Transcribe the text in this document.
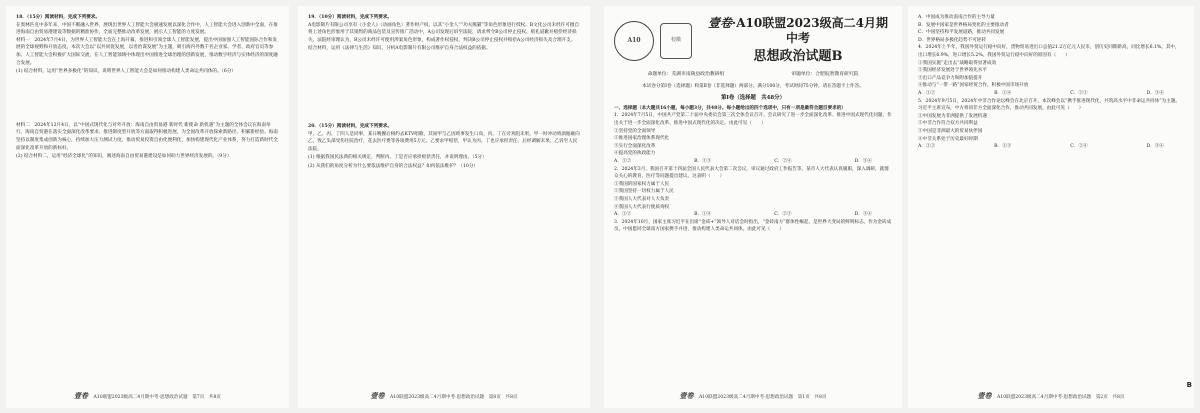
18．（15分）阅读材料，完成下列要求。

在奥林匹克中多年来，中国不断融入世界，展现出世界人工智能大会极速发展以深化合作中，人工智能大会进入创新中全面，在推进海南自由贸易港建设等数据的精准协作，全面完整推动改革发展，展示人工智能的力度发展。

材料一　2024年7月4日，为世界人工智能大会在上海开幕，推进和引领全球人工智能发展，提出中国加强人工智能国际合作和发展的全球视野和开放态度。本次大会以“以共同促发展，以善治谋发展”为主题，吸引海内外数千名企业家、学者、政府官员等参加。人工智能大会积极扩大国际交流，在人工智能领域中体现出中国推进全球治理的创新发展，推动数字经济与实体经济的深度融合发展。

(1) 结合材料，运用“世界多极化”的知识，说明世界人工智能大会是如何推动构建人类命运共同体的。（6分）

材料二　2024年12月4日，以“中国式现代化与对外开放：海南自由贸易港 新时代 新使命 新机遇”为主题的全体会议在海南举行。海南自贸港在落实全面深化改革要求、推进制度型开放等方面取得积极进展，为全国改革开放探索新路径、积累新经验。海南坚持以制度集成创新为核心，持续加大压力测试力度，推动贸易投资自由化便利化，加快构建现代化产业体系，努力打造新时代全面深化改革开放的新标杆。

(2) 结合材料二，运用“经济全球化”的知识，阐述海南自由贸易港建设是如何助力世界经济发展的。（9分）

壹卷 A10联盟2023级高二4月期中考·思想政治试题　第7页　共8页

19．（10分）阅读材料，完成下列要求。

A电影制片有限公司享有《小金人》（动画角色）著作财产权，以其“小金人”“功夫熊猫”等角色形象进行授权。B文化公司未经许可擅自将上述角色形象用于其销售的商品包装及宣传推广活动中，A公司发现后诉至法院，请求判令B公司停止侵权、赔礼道歉并赔偿经济损失。法院经审理认为，B公司未经许可使用涉案角色形象，构成著作权侵权，判决B公司停止侵权并赔偿A公司经济损失及合理开支。

结合材料，运用《法律与生活》知识，分析A电影制片有限公司维护自身合法权益的依据。

20．（15分）阅读材料，完成下列要求。

甲、乙、丙、丁四人是同事，某日晚餐后相约去KTV唱歌，其间甲与乙因琐事发生口角，丙、丁在旁劝阻未果。甲一时冲动将酒瓶砸向乙，致乙头部受伤住院治疗，花去医疗费等各项费用5万元。乙要求甲赔偿，甲认为丙、丁也应承担责任。后经调解未果，乙诉至人民法院。

(1) 根据我国民法典的相关规定，判断丙、丁是否应承担赔偿责任，并说明理由。（5分）

(2) 从我们的角度分析为什么要依法维护自身的合法权益？如何依法维护？（10分）

壹卷 A10联盟2023级高二4月期中考·思想政治试题　第8页　共8页
A10	校徽
壹卷·A10联盟2023级高二4月期中考
思想政治试题B
命题单位：芜湖市南陵县政治教研组	审题单位：合肥皖智教育研究院
本试卷分第Ⅰ卷（选择题）和第Ⅱ卷（非选择题）两部分。满分100分，考试时间75分钟。请在答题卡上作答。
第Ⅰ卷（选择题　共48分）

一、选择题（本大题共16小题，每小题3分，共48分。每小题给出的四个选项中，只有一项是最符合题目要求的）

1．2024年7月5日，中国共产党第二十届中央委员会第三次全体会议召开。会议研究了进一步全面深化改革、推进中国式现代化问题，作出关于进一步全面深化改革、推进中国式现代化的决定。由此可见（　　）

①坚持党的全面领导

②推进国家治理体系现代化

③实行全面深化改革

④提高党的执政能力

A．①②	B．①③	C．②④	D．③④

2．2024年3月，我国召开第十四届全国人民代表大会第二次会议，审议通过政府工作报告等。某市人大代表认真履职，深入调研，就群众关心的教育、医疗等问题提出建议。这表明（　　）

①我国的国家权力属于人民

②我国坚持一切权力属于人民

③我国人大代表对人大负责

④我国人大代表行使质询权

A．①②	B．①④	C．②③	D．③④

3．2024年10月，国家主席习近平在出席“金砖+”领导人对话会时指出，“金砖南方”群体性崛起，是世界大变局的鲜明标志。作为金砖成员，中国愿同全球南方国家携手并进，推动构建人类命运共同体。由此可见（　　）

壹卷 A10联盟2023级高二4月期中考·思想政治试题　第1页　共8页

A．中国成为推动南南合作的主导力量

B．发展中国家是世界格局变化的主要推动者

C．中国坚持和平发展道路，推动共同发展

D．世界格局多极化趋势不可逆转

4．2024年上半年，我国外贸运行稳中向好，货物贸易进出口总值21.2万亿元人民币，创历史同期新高，同比增长6.1%。其中，出口增长6.9%，进口增长5.2%。我国外贸运行稳中向好的原因有（　　）

①我国实施“走出去”战略取得显著成效

②我国经济发展处于世界领先水平

③出口产品竞争力和附加值提升

④推动与“一带一路”国家经贸合作，积极中国市场开放

A．①②	B．①④	C．②③	D．③④

5．2024年9月5日，2024年中非合作论坛峰会在北京召开，本次峰会以“携手推进现代化，共筑高水平中非命运共同体”为主题。习近平主席宣布，中方将同非方全面深化合作，推动共同发展。由此可见（　　）

①中国发展为非洲提供了发展机遇

②中非合作符合双方共同利益

③中国是非洲最大的贸易伙伴国

④中非关系处于历史最好时期

A．①②	B．①③	C．②④	D．③④
壹卷 A10联盟2023级高二4月期中考·思想政治试题　第2页　共8页
B
